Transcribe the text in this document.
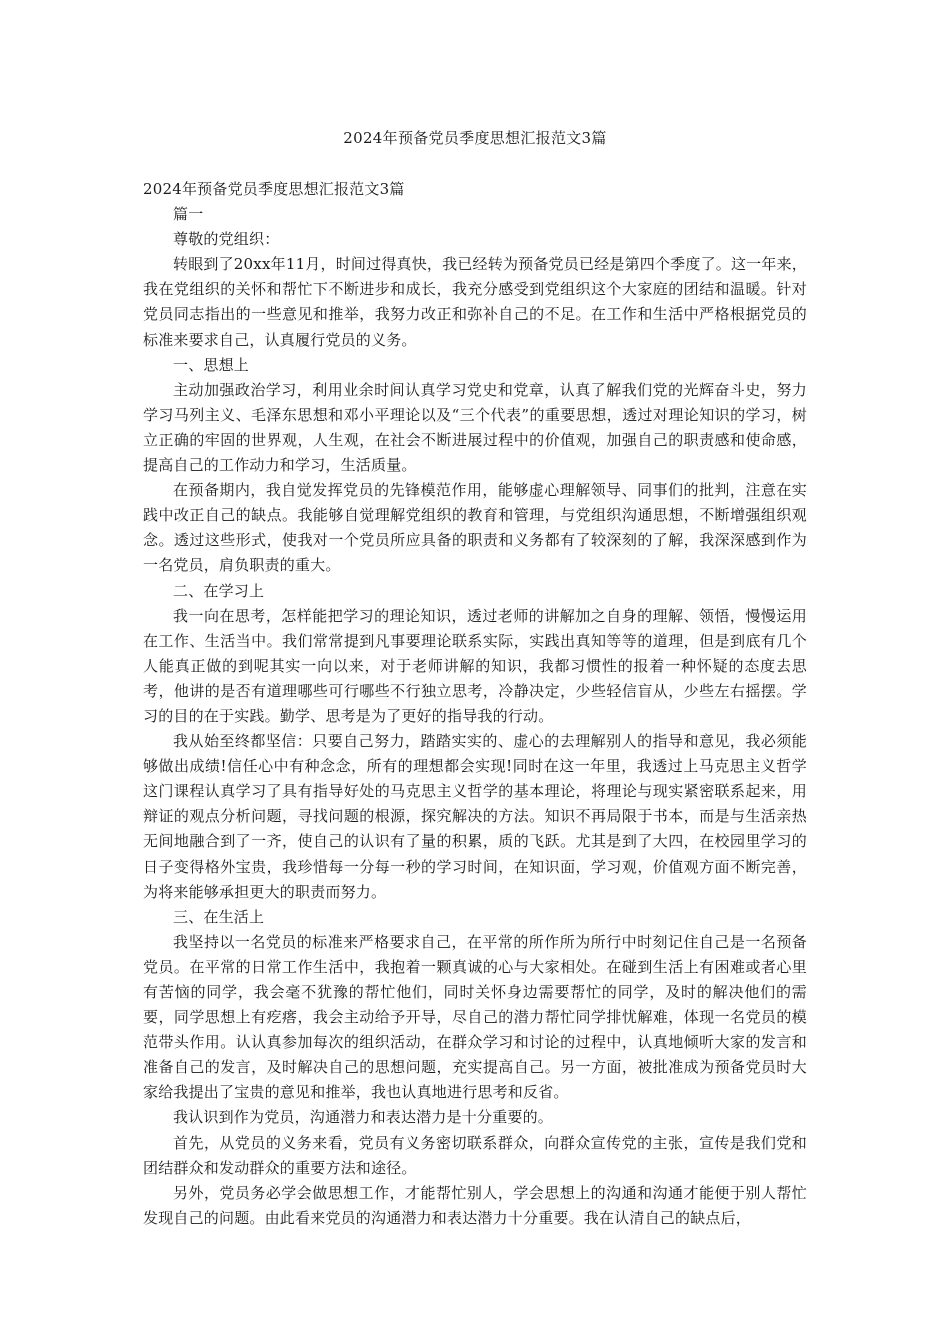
2024年预备党员季度思想汇报范文3篇

2024年预备党员季度思想汇报范文3篇

篇一

尊敬的党组织：

转眼到了20xx年11月，时间过得真快，我已经转为预备党员已经是第四个季度了。这一年来，我在党组织的关怀和帮忙下不断进步和成长，我充分感受到党组织这个大家庭的团结和温暖。针对党员同志指出的一些意见和推举，我努力改正和弥补自己的不足。在工作和生活中严格根据党员的标准来要求自己，认真履行党员的义务。

一、思想上

主动加强政治学习，利用业余时间认真学习党史和党章，认真了解我们党的光辉奋斗史，努力学习马列主义、毛泽东思想和邓小平理论以及“三个代表”的重要思想，透过对理论知识的学习，树立正确的牢固的世界观，人生观，在社会不断进展过程中的价值观，加强自己的职责感和使命感，提高自己的工作动力和学习，生活质量。

在预备期内，我自觉发挥党员的先锋模范作用，能够虚心理解领导、同事们的批判，注意在实践中改正自己的缺点。我能够自觉理解党组织的教育和管理，与党组织沟通思想，不断增强组织观念。透过这些形式，使我对一个党员所应具备的职责和义务都有了较深刻的了解，我深深感到作为一名党员，肩负职责的重大。

二、在学习上

我一向在思考，怎样能把学习的理论知识，透过老师的讲解加之自身的理解、领悟，慢慢运用在工作、生活当中。我们常常提到凡事要理论联系实际，实践出真知等等的道理，但是到底有几个人能真正做的到呢其实一向以来，对于老师讲解的知识，我都习惯性的报着一种怀疑的态度去思考，他讲的是否有道理哪些可行哪些不行独立思考，冷静决定，少些轻信盲从，少些左右摇摆。学习的目的在于实践。勤学、思考是为了更好的指导我的行动。

我从始至终都坚信：只要自己努力，踏踏实实的、虚心的去理解别人的指导和意见，我必须能够做出成绩!信任心中有种念念，所有的理想都会实现!同时在这一年里，我透过上马克思主义哲学这门课程认真学习了具有指导好处的马克思主义哲学的基本理论，将理论与现实紧密联系起来，用辩证的观点分析问题，寻找问题的根源，探究解决的方法。知识不再局限于书本，而是与生活亲热无间地融合到了一齐，使自己的认识有了量的积累，质的飞跃。尤其是到了大四，在校园里学习的日子变得格外宝贵，我珍惜每一分每一秒的学习时间，在知识面，学习观，价值观方面不断完善，为将来能够承担更大的职责而努力。

三、在生活上

我坚持以一名党员的标准来严格要求自己，在平常的所作所为所行中时刻记住自己是一名预备党员。在平常的日常工作生活中，我抱着一颗真诚的心与大家相处。在碰到生活上有困难或者心里有苦恼的同学，我会毫不犹豫的帮忙他们，同时关怀身边需要帮忙的同学，及时的解决他们的需要，同学思想上有疙瘩，我会主动给予开导，尽自己的潜力帮忙同学排忧解难，体现一名党员的模范带头作用。认认真参加每次的组织活动，在群众学习和讨论的过程中，认真地倾听大家的发言和准备自己的发言，及时解决自己的思想问题，充实提高自己。另一方面，被批准成为预备党员时大家给我提出了宝贵的意见和推举，我也认真地进行思考和反省。

我认识到作为党员，沟通潜力和表达潜力是十分重要的。

首先，从党员的义务来看，党员有义务密切联系群众，向群众宣传党的主张，宣传是我们党和团结群众和发动群众的重要方法和途径。

另外，党员务必学会做思想工作，才能帮忙别人，学会思想上的沟通和沟通才能便于别人帮忙发现自己的问题。由此看来党员的沟通潜力和表达潜力十分重要。我在认清自己的缺点后，
